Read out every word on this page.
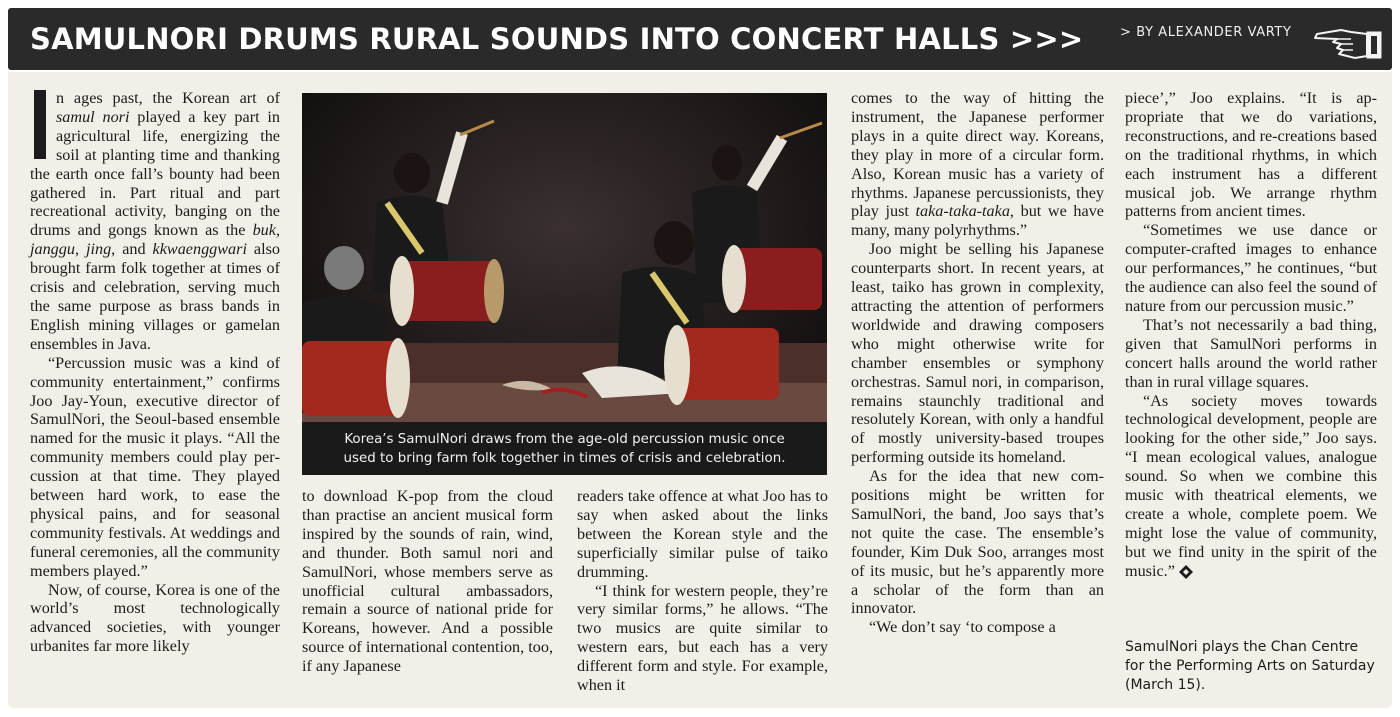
SAMULNORI DRUMS RURAL SOUNDS INTO CONCERT HALLS >>>	> BY ALEXANDER VARTY

n ages past, the Korean art of samul nori played a key part in agricultural life, energizing the soil at planting time and thanking the earth once fall’s bounty had been gathered in. Part ritual and part recreational activity, banging on the drums and gongs known as the buk, janggu, jing, and kkwaenggwari also brought farm folk together at times of crisis and celebration, serving much the same purpose as brass bands in English mining villages or gamelan ensembles in Java.

“Percussion music was a kind of community entertainment,” confirms Joo Jay-Youn, executive director of SamulNori, the Seoul-based ensemble named for the music it plays. “All the community members could play percussion at that time. They played between hard work, to ease the physical pains, and for seasonal community festivals. At weddings and funeral ceremonies, all the community members played.”

Now, of course, Korea is one of the world’s most technologically advanced societies, with younger urbanites far more likely

Korea’s SamulNori draws from the age-old percussion music once
used to bring farm folk together in times of crisis and celebration.

to download K-pop from the cloud than practise an ancient musical form inspired by the sounds of rain, wind, and thunder. Both samul nori and SamulNori, whose members serve as unofficial cultural ambassadors, remain a source of national pride for Koreans, however. And a possible source of international contention, too, if any Japanese

readers take offence at what Joo has to say when asked about the links between the Korean style and the superficially similar pulse of taiko drumming.

“I think for western people, they’re very similar forms,” he allows. “The two musics are quite similar to western ears, but each has a very different form and style. For example, when it

comes to the way of hitting the instrument, the Japanese performer plays in a quite direct way. Koreans, they play in more of a circular form. Also, Korean music has a variety of rhythms. Japanese percussionists, they play just taka-taka-taka, but we have many, many polyrhythms.”

Joo might be selling his Japanese counterparts short. In recent years, at least, taiko has grown in complexity, attracting the attention of performers worldwide and drawing composers who might otherwise write for chamber ensembles or symphony orchestras. Samul nori, in comparison, remains staunchly traditional and resolutely Korean, with only a handful of mostly university-based troupes performing outside its homeland.

As for the idea that new compositions might be written for SamulNori, the band, Joo says that’s not quite the case. The ensemble’s founder, Kim Duk Soo, arranges most of its music, but he’s apparently more a scholar of the form than an innovator.

“We don’t say ‘to compose a

piece’,” Joo explains. “It is appropriate that we do variations, reconstructions, and re-creations based on the traditional rhythms, in which each instrument has a different musical job. We arrange rhythm patterns from ancient times.

“Sometimes we use dance or computer-crafted images to enhance our performances,” he continues, “but the audience can also feel the sound of nature from our percussion music.”

That’s not necessarily a bad thing, given that SamulNori performs in concert halls around the world rather than in rural village squares.

“As society moves towards technological development, people are looking for the other side,” Joo says. “I mean ecological values, analogue sound. So when we combine this music with theatrical elements, we create a whole, complete poem. We might lose the value of community, but we find unity in the spirit of the music.”

SamulNori plays the Chan Centre for the Performing Arts on Saturday (March 15).
